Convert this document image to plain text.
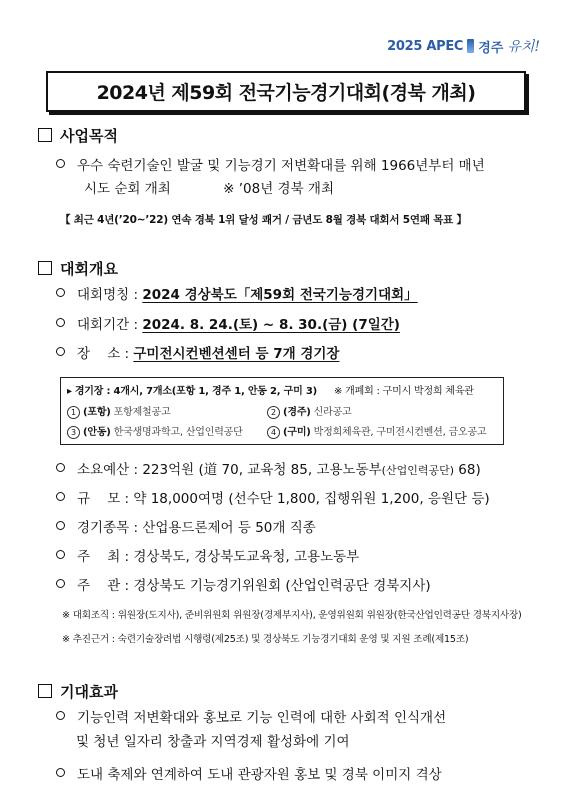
2025 APEC 경주 유치!
2024년 제59회 전국기능경기대회(경북 개최)
사업목적
우수 숙련기술인 발굴 및 기능경기 저변확대를 위해 1966년부터 매년
시도 순회 개최	※ ’08년 경북 개최
【 최근 4년(’20~’22) 연속 경북 1위 달성 쾌거 / 금년도 8월 경북 대회서 5연패 목표 】
대회개요
대회명칭 : 2024 경상북도「제59회 전국기능경기대회」
대회기간 : 2024. 8. 24.(토) ~ 8. 30.(금) (7일간)
장    소 : 구미전시컨벤션센터 등 7개 경기장
▸ 경기장 : 4개시, 7개소(포항 1, 경주 1, 안동 2, 구미 3) ※ 개폐회 : 구미시 박정희 체육관
1 (포항) 포항제철공고	2 (경주) 신라공고
3 (안동) 한국생명과학고, 산업인력공단	4 (구미) 박정희체육관, 구미전시컨벤션, 금오공고
소요예산 : 223억원 (道 70, 교육청 85, 고용노동부(산업인력공단) 68)
규    모 : 약 18,000여명 (선수단 1,800, 집행위원 1,200, 응원단 등)
경기종목 : 산업용드론제어 등 50개 직종
주    최 : 경상북도, 경상북도교육청, 고용노동부
주    관 : 경상북도 기능경기위원회 (산업인력공단 경북지사)
※ 대회조직 : 위원장(도지사), 준비위원회 위원장(경제부지사), 운영위원회 위원장(한국산업인력공단 경북지사장)
※ 추진근거 : 숙련기술장려법 시행령(제25조) 및 경상북도 기능경기대회 운영 및 지원 조례(제15조)
기대효과
기능인력 저변확대와 홍보로 기능 인력에 대한 사회적 인식개선
및 청년 일자리 창출과 지역경제 활성화에 기여
도내 축제와 연계하여 도내 관광자원 홍보 및 경북 이미지 격상
